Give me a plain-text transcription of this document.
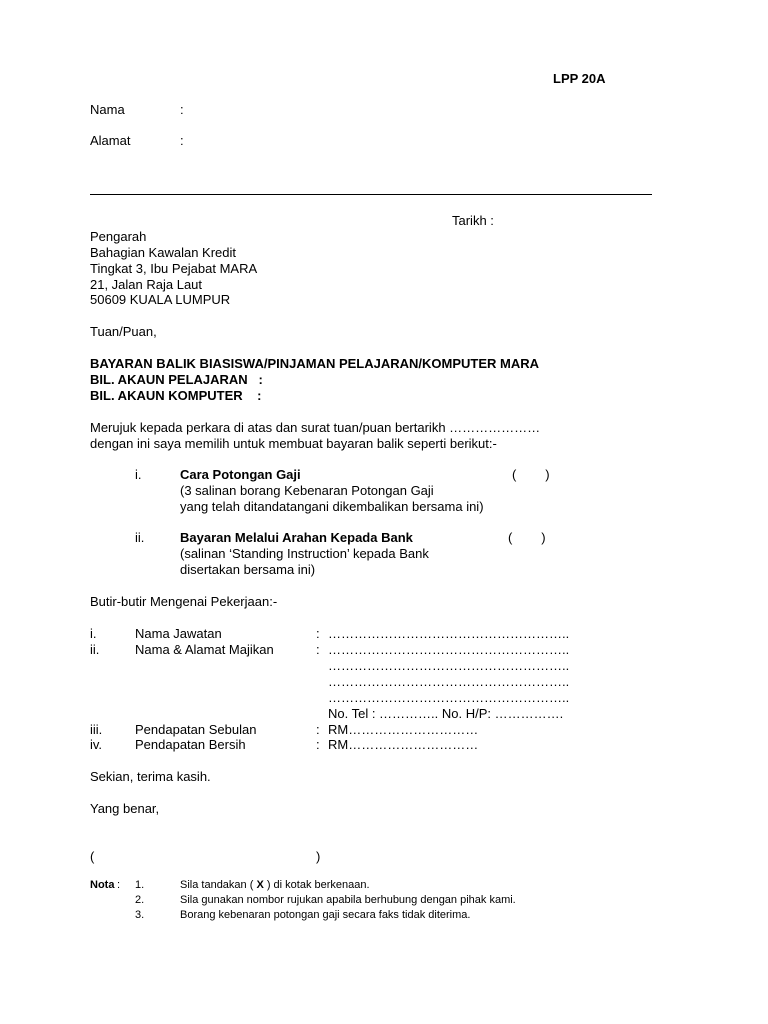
LPP 20A
Nama	:
Alamat	:
Tarikh :
Pengarah
Bahagian Kawalan Kredit
Tingkat 3, Ibu Pejabat MARA
21, Jalan Raja Laut
50609 KUALA LUMPUR
Tuan/Puan,
BAYARAN BALIK BIASISWA/PINJAMAN PELAJARAN/KOMPUTER MARA
BIL. AKAUN PELAJARAN   :
BIL. AKAUN KOMPUTER    :
Merujuk kepada perkara di atas dan surat tuan/puan bertarikh …………………
dengan ini saya memilih untuk membuat bayaran balik seperti berikut:-
i.	Cara Potongan Gaji	(        )
(3 salinan borang Kebenaran Potongan Gaji
yang telah ditandatangani dikembalikan bersama ini)
ii.	Bayaran Melalui Arahan Kepada Bank	(        )
(salinan ‘Standing Instruction’ kepada Bank
disertakan bersama ini)
Butir-butir Mengenai Pekerjaan:-
i.	Nama Jawatan	: ………………………………………………..
ii.	Nama & Alamat Majikan	: ………………………………………………..
………………………………………………..
………………………………………………..
………………………………………………..
No. Tel : ………….. No. H/P: …………….
iii.	Pendapatan Sebulan	: RM…………………………
iv.	Pendapatan Bersih	: RM…………………………
Sekian, terima kasih.
Yang benar,
(	)
Nota : 1.	Sila tandakan ( X ) di kotak berkenaan.
2.	Sila gunakan nombor rujukan apabila berhubung dengan pihak kami.
3.	Borang kebenaran potongan gaji secara faks tidak diterima.
